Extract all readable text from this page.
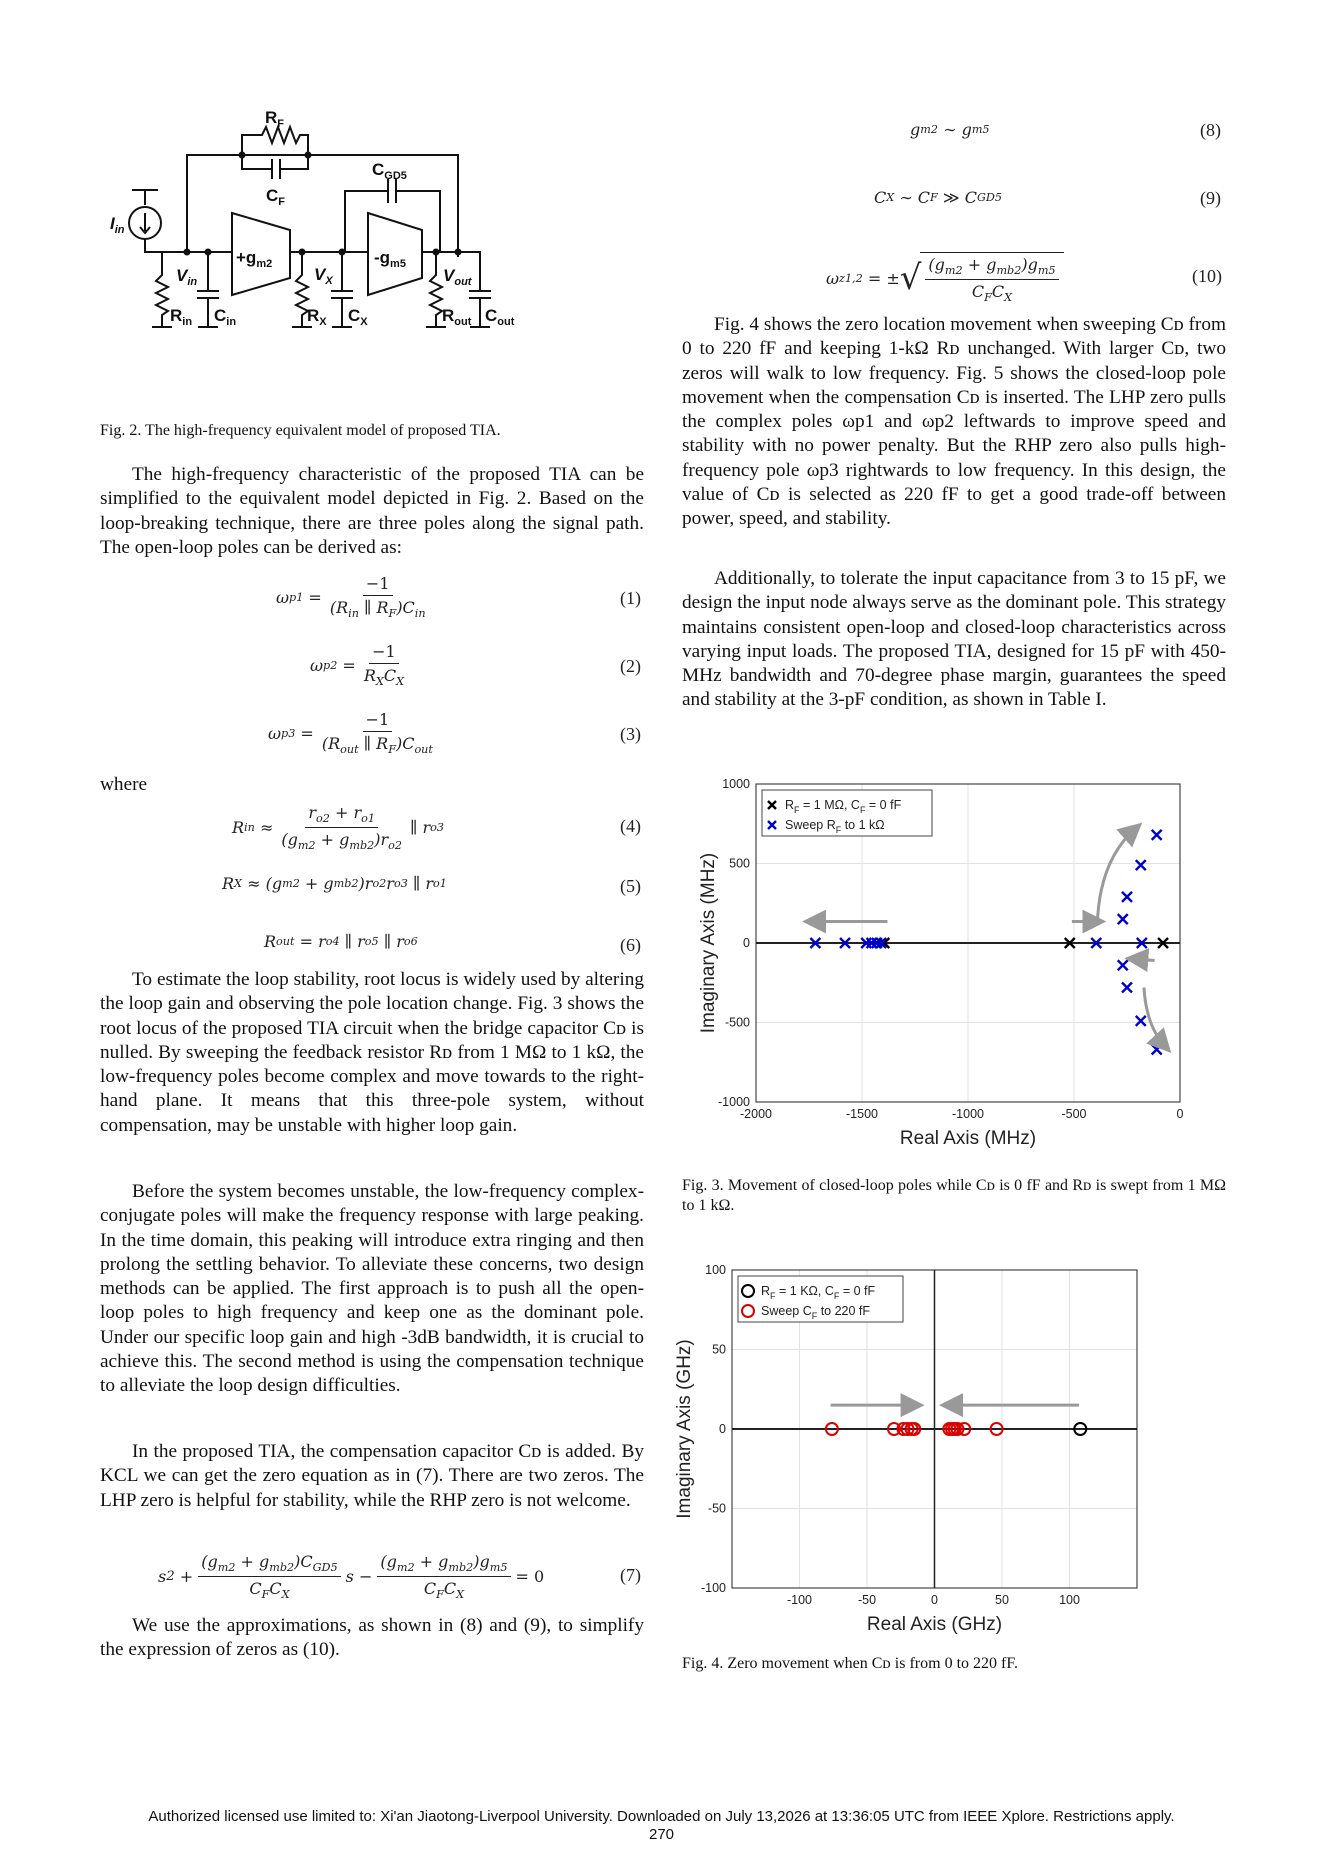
$R_F$
$C_F$
$C_{GD5}$
$I_{in}$
$V_{in}$	$V_X$	$V_{out}$
$+g_{m2}$	$-g_{m5}$
$R_{in}$ $C_{in}$	$R_X$ $C_X$	$R_{out}$ $C_{out}$
Fig. 2. The high-frequency equivalent model of proposed TIA.

The high-frequency characteristic of the proposed TIA can be simplified to the equivalent model depicted in Fig. 2. Based on the loop-breaking technique, there are three poles along the signal path. The open-loop poles can be derived as:

ω p1
= $\frac{-1}{(R_{in} \parallel R_F)C_{in}}$	(1)
ω p2
= $\frac{-1}{R_XC_X}$	(2)
ω p3
= $\frac{-1}{(R_{out} \parallel R_F)C_{out}}$	(3)

where

R in
≈ $\frac{r_{o2} + r_{o1}}{(g_{m2} + g_{mb2})r_{o2}}$ ∥ r o3	(4)
R X
≈ (g m2
+ g mb2 )r o2 r o3
∥ r o1	(5)
R out
= r o4
∥ r o5
∥ r o6	(6)

To estimate the loop stability, root locus is widely used by altering the loop gain and observing the pole location change. Fig. 3 shows the root locus of the proposed TIA circuit when the bridge capacitor Cᴅ is nulled. By sweeping the feedback resistor Rᴅ from 1 MΩ to 1 kΩ, the low-frequency poles become complex and move towards to the right-hand plane. It means that this three-pole system, without compensation, may be unstable with higher loop gain.

Before the system becomes unstable, the low-frequency complex-conjugate poles will make the frequency response with large peaking. In the time domain, this peaking will introduce extra ringing and then prolong the settling behavior. To alleviate these concerns, two design methods can be applied. The first approach is to push all the open-loop poles to high frequency and keep one as the dominant pole. Under our specific loop gain and high -3dB bandwidth, it is crucial to achieve this. The second method is using the compensation technique to alleviate the loop design difficulties.

In the proposed TIA, the compensation capacitor Cᴅ is added. By KCL we can get the zero equation as in (7). There are two zeros. The LHP zero is helpful for stability, while the RHP zero is not welcome.

s 2
+ $\frac{(g_{m2} + g_{mb2})C_{GD5}}{C_FC_X}$ $s - \frac{(g_{m2} + g_{mb2})g_{m5}}{C_FC_X} = 0$	(7)

We use the approximations, as shown in (8) and (9), to simplify the expression of zeros as (10).

g m2
∼ g m5	(8)
C X
∼ C F
≫ C GD5	(9)
ω z1,2
=
± √ $\frac{(g_{m2} + g_{mb2})g_{m5}}{C_FC_X}$	(10)

Fig. 4 shows the zero location movement when sweeping Cᴅ from 0 to 220 fF and keeping 1-kΩ Rᴅ unchanged. With larger Cᴅ, two zeros will walk to low frequency. Fig. 5 shows the closed-loop pole movement when the compensation Cᴅ is inserted. The LHP zero pulls the complex poles ωp1 and ωp2 leftwards to improve speed and stability with no power penalty. But the RHP zero also pulls high-frequency pole ωp3 rightwards to low frequency. In this design, the value of Cᴅ is selected as 220 fF to get a good trade-off between power, speed, and stability.

Additionally, to tolerate the input capacitance from 3 to 15 pF, we design the input node always serve as the dominant pole. This strategy maintains consistent open-loop and closed-loop characteristics across varying input loads. The proposed TIA, designed for 15 pF with 450-MHz bandwidth and 70-degree phase margin, guarantees the speed and stability at the 3-pF condition, as shown in Table I.

-2000	-1500	-1000	-500	0
1000
500
0
-500
-1000
Real Axis (MHz)
Imaginary Axis (MHz)
$R_F = 1$ MΩ, $C_F = 0$ fF
Sweep $R_F$ to 1 kΩ
Fig. 3. Movement of closed-loop poles while Cᴅ is 0 fF and Rᴅ is swept from 1 MΩ to 1 kΩ.
-100	-50	0	50	100
100
50
0
-50
-100
Real Axis (GHz)
Imaginary Axis (GHz)
$R_F = 1$ KΩ, $C_F = 0$ fF
Sweep $C_F$ to 220 fF
Fig. 4. Zero movement when Cᴅ is from 0 to 220 fF.
Authorized licensed use limited to: Xi'an Jiaotong-Liverpool University. Downloaded on July 13,2026 at 13:36:05 UTC from IEEE Xplore. Restrictions apply.
270
